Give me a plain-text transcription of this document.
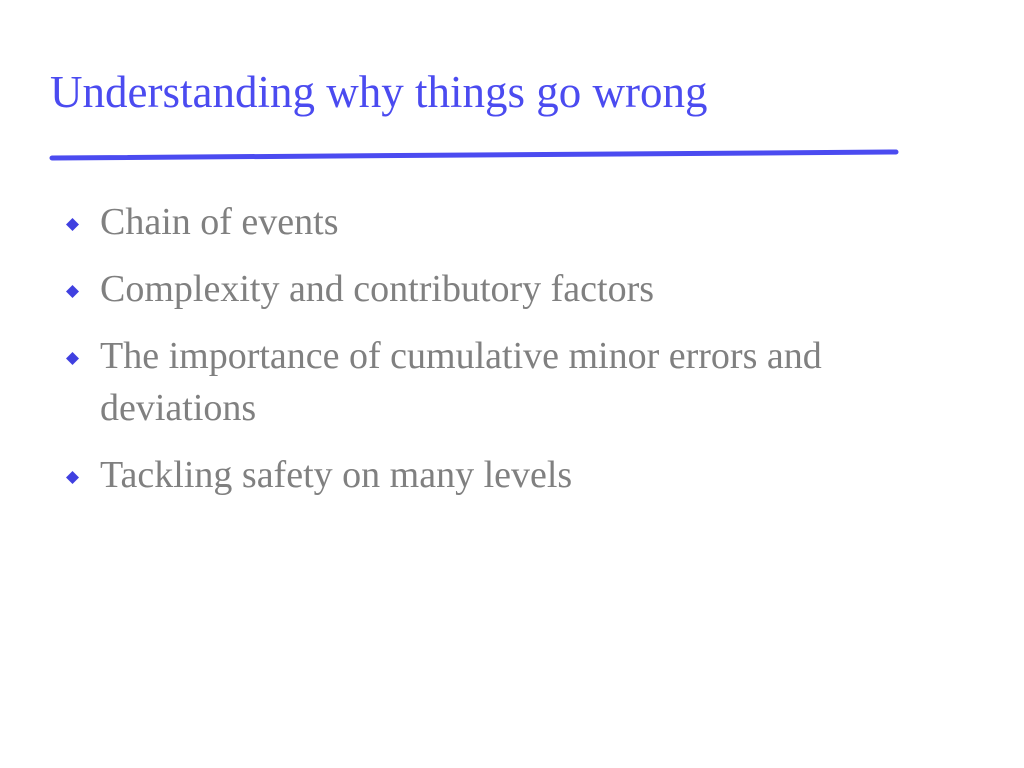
Understanding why things go wrong
Chain of events
Complexity and contributory factors
The importance of cumulative minor errors and deviations
Tackling safety on many levels
